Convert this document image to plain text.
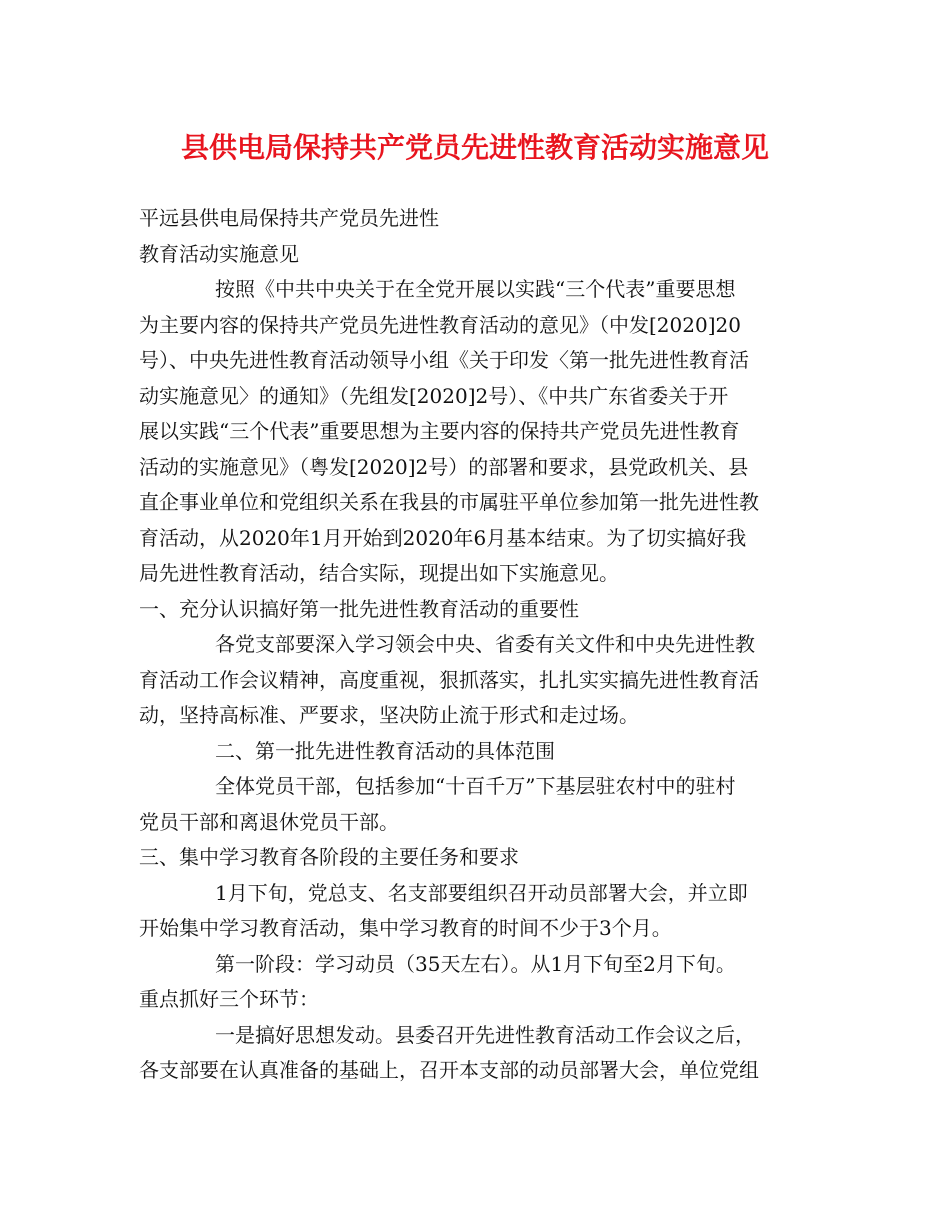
县供电局保持共产党员先进性教育活动实施意见
平远县供电局保持共产党员先进性
教育活动实施意见
按照《中共中央关于在全党开展以实践“三个代表”重要思想
为主要内容的保持共产党员先进性教育活动的意见》（中发[2020]20
号）、中央先进性教育活动领导小组《关于印发〈第一批先进性教育活
动实施意见〉的通知》（先组发[2020]2号）、《中共广东省委关于开
展以实践“三个代表”重要思想为主要内容的保持共产党员先进性教育
活动的实施意见》（粤发[2020]2号）的部署和要求，县党政机关、县
直企事业单位和党组织关系在我县的市属驻平单位参加第一批先进性教
育活动，从2020年1月开始到2020年6月基本结束。为了切实搞好我
局先进性教育活动，结合实际，现提出如下实施意见。
一、充分认识搞好第一批先进性教育活动的重要性
各党支部要深入学习领会中央、省委有关文件和中央先进性教
育活动工作会议精神，高度重视，狠抓落实，扎扎实实搞先进性教育活
动，坚持高标准、严要求，坚决防止流于形式和走过场。
二、第一批先进性教育活动的具体范围
全体党员干部，包括参加“十百千万”下基层驻农村中的驻村
党员干部和离退休党员干部。
三、集中学习教育各阶段的主要任务和要求
1月下旬，党总支、名支部要组织召开动员部署大会，并立即
开始集中学习教育活动，集中学习教育的时间不少于3个月。
第一阶段：学习动员（35天左右）。从1月下旬至2月下旬。
重点抓好三个环节：
一是搞好思想发动。县委召开先进性教育活动工作会议之后，
各支部要在认真准备的基础上，召开本支部的动员部署大会，单位党组
